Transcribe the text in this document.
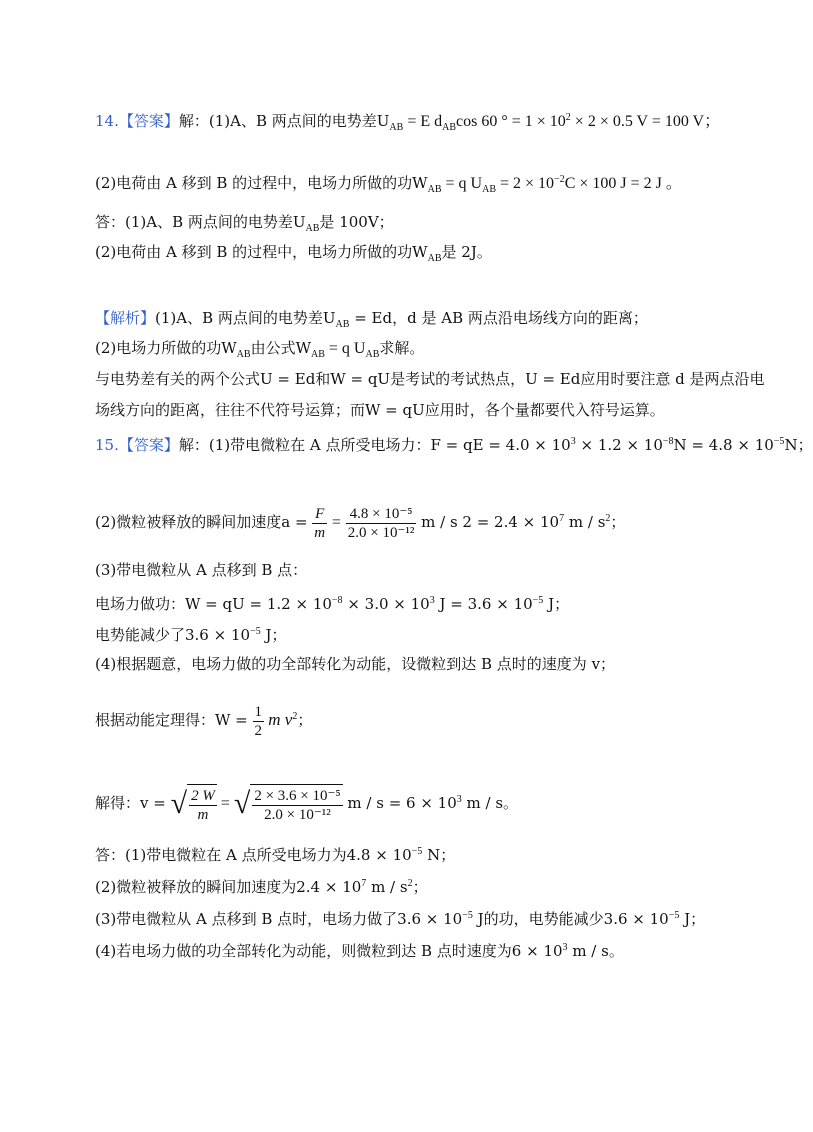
14.【答案】解：(1)A、B 两点间的电势差$U_{AB} = E$ $d_{AB}\cos$ 60 ° = $1 \times 10^2 \times 2 \times 0.5$ V = 100 V；
(2)电荷由 A 移到 B 的过程中，电场力所做的功$W_{AB} = q$ $U_{AB} = 2 \times 10^{-2}C \times 100$ J = 2 J 。
答：(1)A、B 两点间的电势差$U_{AB}$是 100V；
(2)电荷由 A 移到 B 的过程中，电场力所做的功$W_{AB}$是 2J。
【解析】(1)A、B 两点间的电势差$U_{AB} = Ed$，d 是 AB 两点沿电场线方向的距离；
(2)电场力所做的功$W_{AB}$由公式$W_{AB} = q$ $U_{AB}$求解。
与电势差有关的两个公式U = Ed和W = qU是考试的考试热点，U = Ed应用时要注意 d 是两点沿电
场线方向的距离，往往不代符号运算；而W = qU应用时，各个量都要代入符号运算。
15.【答案】解：(1)带电微粒在 A 点所受电场力：F = qE = $4.0 \times 10^3 \times 1.2 \times 10^{-8}N = 4.8 \times 10^{-5}N$；
(2)微粒被释放的瞬间加速度$a = \frac{F}{m} = \frac{\text{4.8 × 10⁻⁵}}{\text{2.0 × 10⁻¹²}}$ m / s $2 = 2.4 \times 10^7$ m / $s^2$；
(3)带电微粒从 A 点移到 B 点：
电场力做功：W = qU = $1.2 \times 10^{-8} \times 3.0 \times 10^3$ $J = 3.6 \times 10^{-5}$ J；
电势能减少了$3.6 \times 10^{-5}$ J；
(4)根据题意，电场力做的功全部转化为动能，设微粒到达 B 点时的速度为 v；
根据动能定理得：$W = \frac{1}{2}$ m $v^2$；
解得：v = √ $\frac{2 W}{m}$ = √ $\frac{\text{2 × 3.6 × 10⁻⁵}}{\text{2.0 × 10⁻¹²}}$ $m / s = 6 \times 10^3$ m / s。
答：(1)带电微粒在 A 点所受电场力为$4.8 \times 10^{-5}$ N；
(2)微粒被释放的瞬间加速度为$2.4 \times 10^7$ m / $s^2$；
(3)带电微粒从 A 点移到 B 点时，电场力做了$3.6 \times 10^{-5}$ J的功，电势能减少$3.6 \times 10^{-5}$ J；
(4)若电场力做的功全部转化为动能，则微粒到达 B 点时速度为$6 \times 10^3$ m / s。
